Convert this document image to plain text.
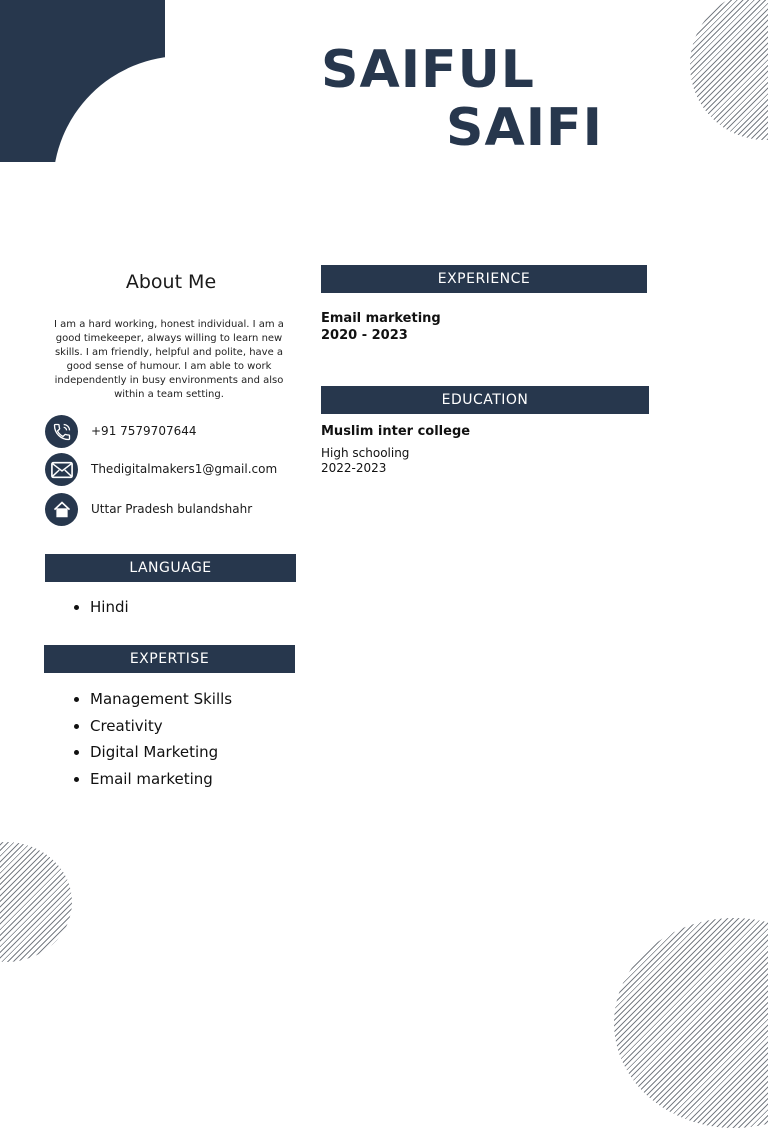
SAIFUL
SAIFI
About Me
I am a hard working, honest individual. I am a good timekeeper, always willing to learn new skills. I am friendly, helpful and polite, have a good sense of humour. I am able to work independently in busy environments and also within a team setting.
+91 7579707644
Thedigitalmakers1@gmail.com
Uttar Pradesh bulandshahr
LANGUAGE
• Hindi
EXPERTISE
• Management Skills
• Creativity
• Digital Marketing
• Email marketing
EXPERIENCE
Email marketing
2020 - 2023
EDUCATION
Muslim inter college
High schooling
2022-2023
